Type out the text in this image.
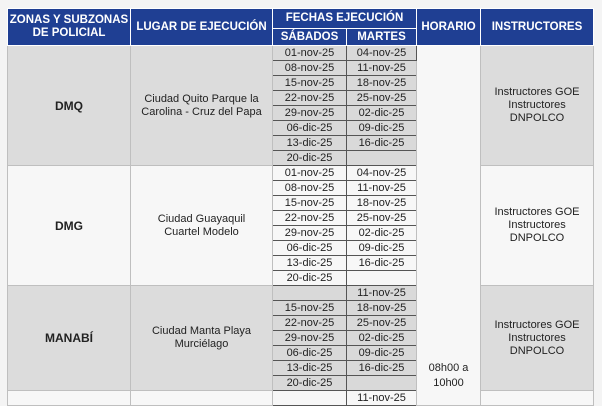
ZONAS Y SUBZONAS DE POLICIAL	LUGAR DE EJECUCIÓN	FECHAS EJECUCIÓN		HORARIO	INSTRUCTORES
		SÁBADOS	MARTES		
DMQ	Ciudad Quito Parque la Carolina - Cruz del Papa	01-nov-25	04-nov-25	08h00 a 10h00	Instructores GOE Instructores DNPOLCO
		08-nov-25	11-nov-25		
		15-nov-25	18-nov-25		
		22-nov-25	25-nov-25		
		29-nov-25	02-dic-25		
		06-dic-25	09-dic-25		
		13-dic-25	16-dic-25		
		20-dic-25			
DMG	Ciudad Guayaquil Cuartel Modelo	01-nov-25	04-nov-25		Instructores GOE Instructores DNPOLCO
		08-nov-25	11-nov-25		
		15-nov-25	18-nov-25		
		22-nov-25	25-nov-25		
		29-nov-25	02-dic-25		
		06-dic-25	09-dic-25		
		13-dic-25	16-dic-25		
		20-dic-25			
MANABÍ	Ciudad Manta Playa Murciélago		11-nov-25		Instructores GOE Instructores DNPOLCO
		15-nov-25	18-nov-25		
		22-nov-25	25-nov-25		
		29-nov-25	02-dic-25		
		06-dic-25	09-dic-25		
		13-dic-25	16-dic-25		
		20-dic-25			
			11-nov-25		
